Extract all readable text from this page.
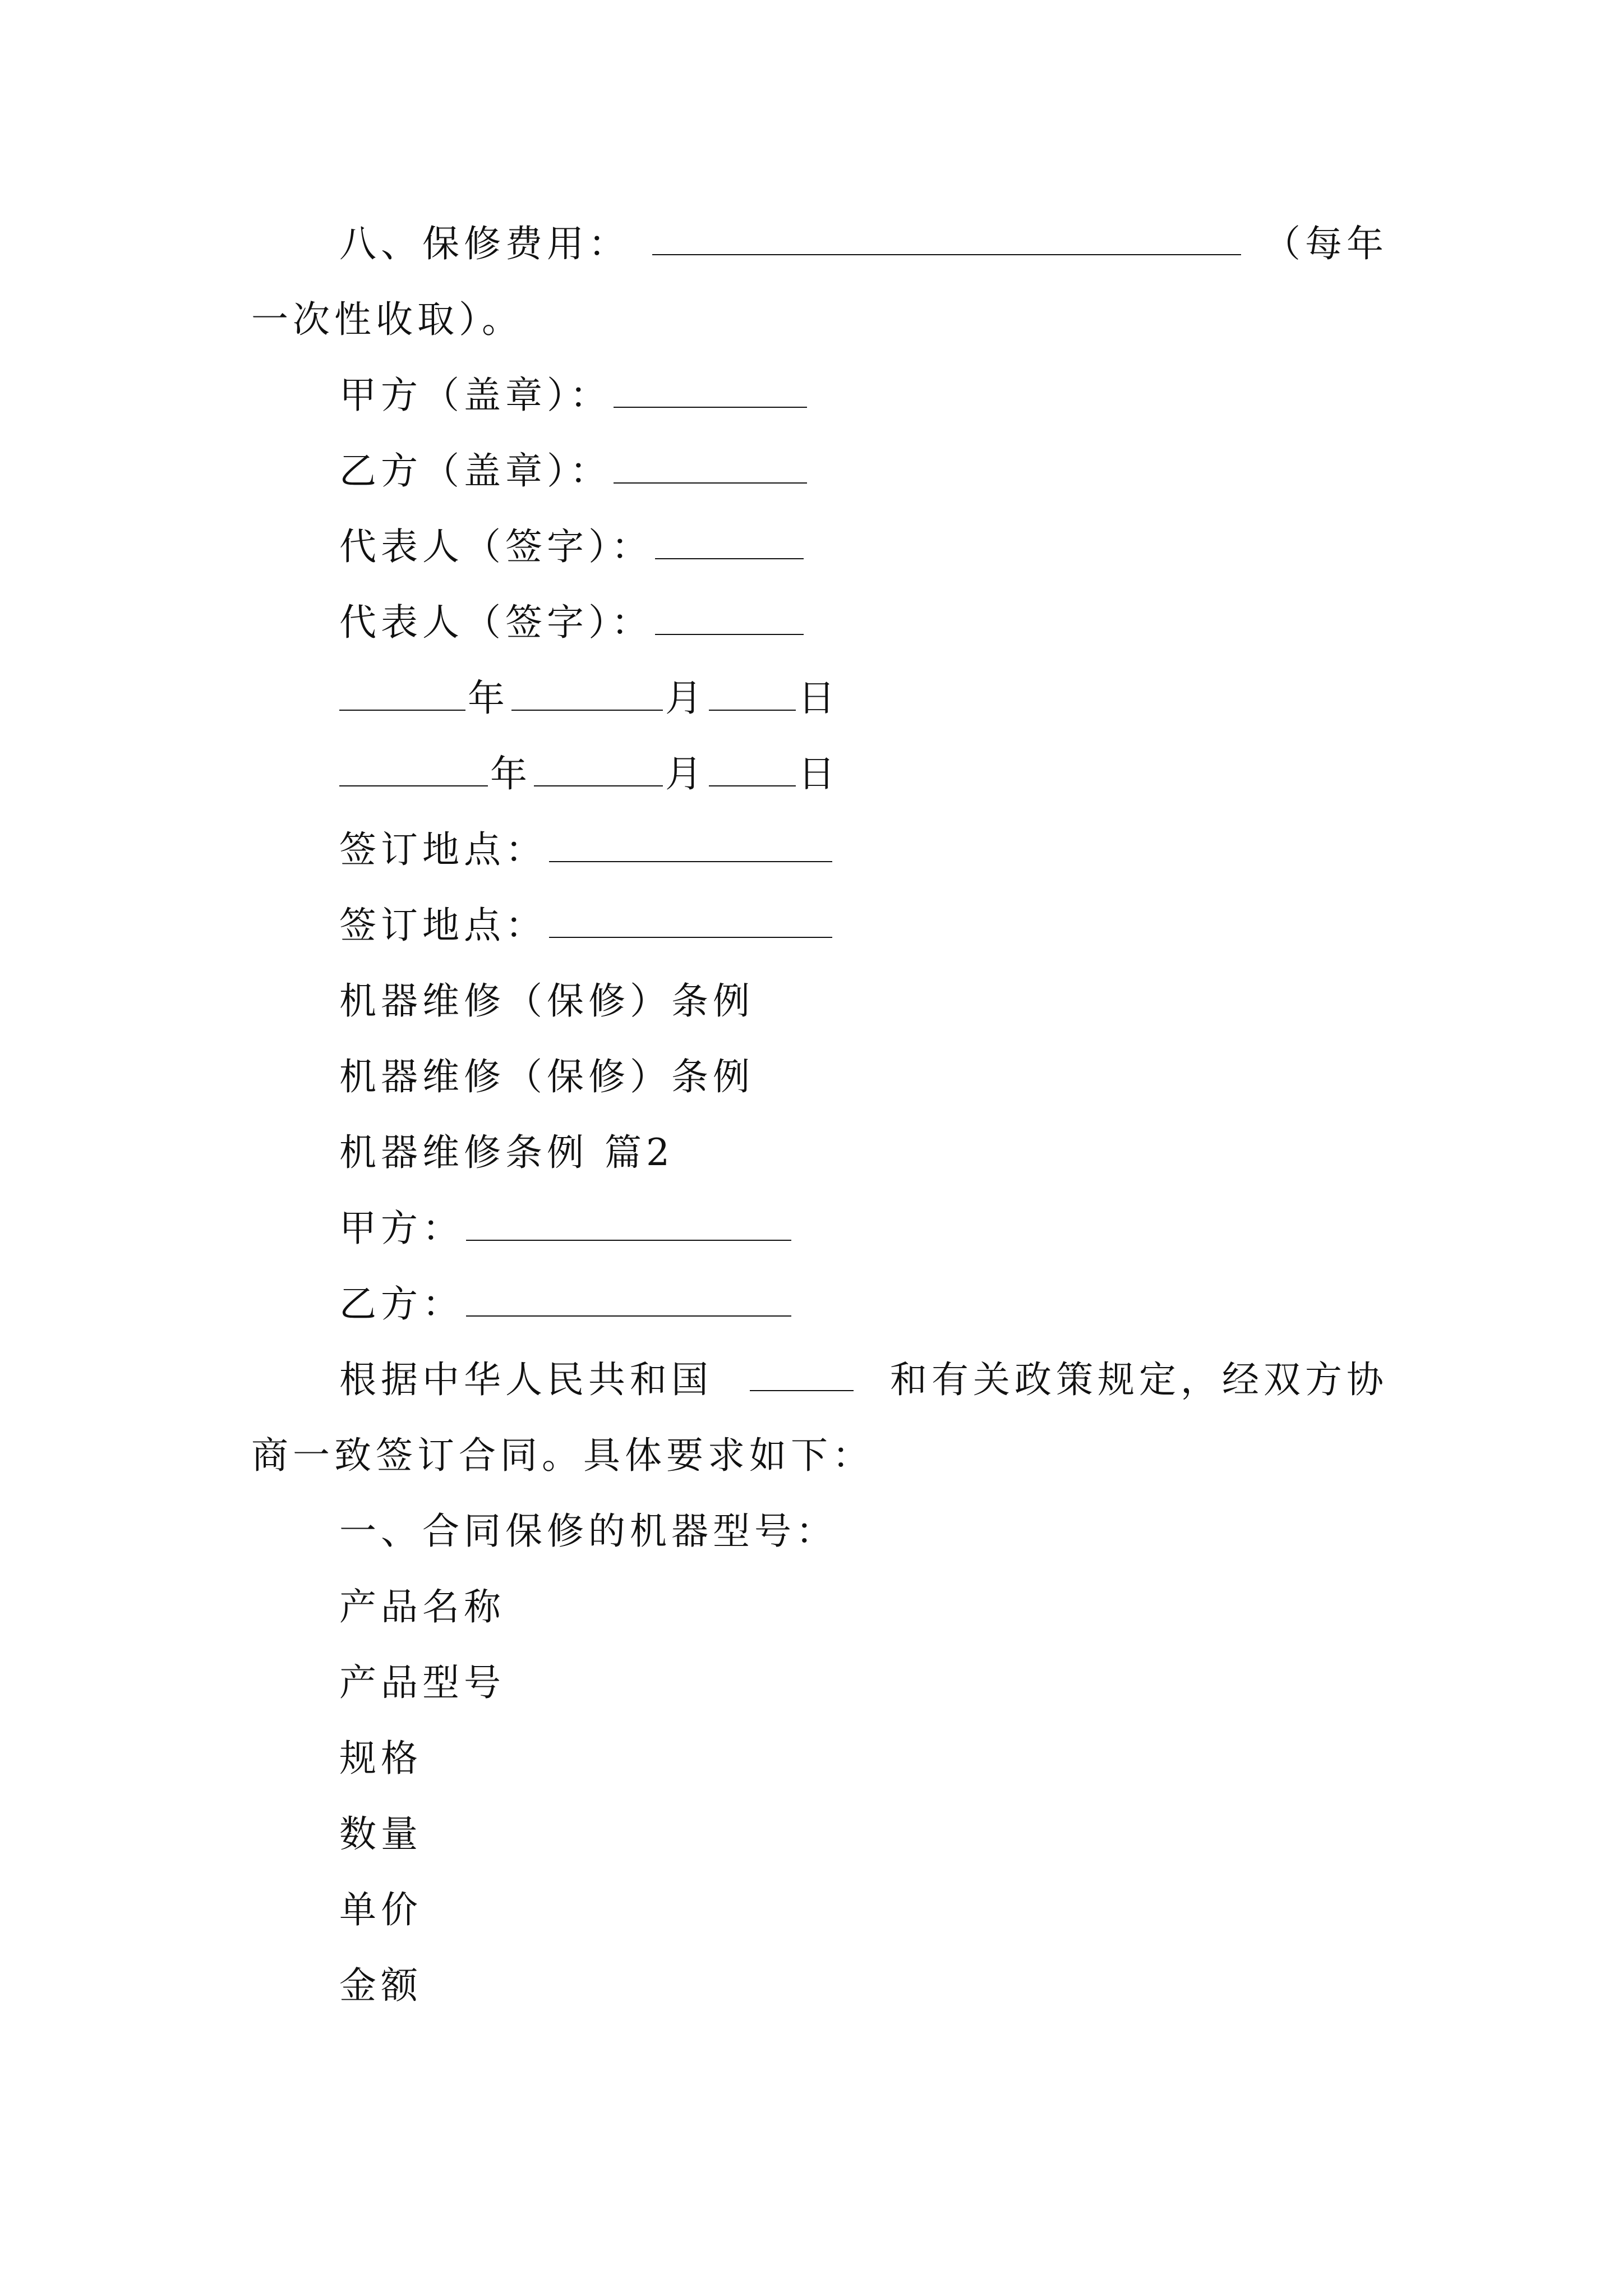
八、保修费用：	（每年
一次性收取）。
甲方（盖章）：
乙方（盖章）：
代表人（签字）：
代表人（签字）：
年	月 日
年	月 日
签订地点：
签订地点：
机器维修（保修）条例
机器维修（保修）条例
机器维修条例 篇2
甲方：
乙方：
根据中华人民共和国	和有关政策规定，经双方协
商一致签订合同。具体要求如下：
一、合同保修的机器型号：
产品名称
产品型号
规格
数量
单价
金额
